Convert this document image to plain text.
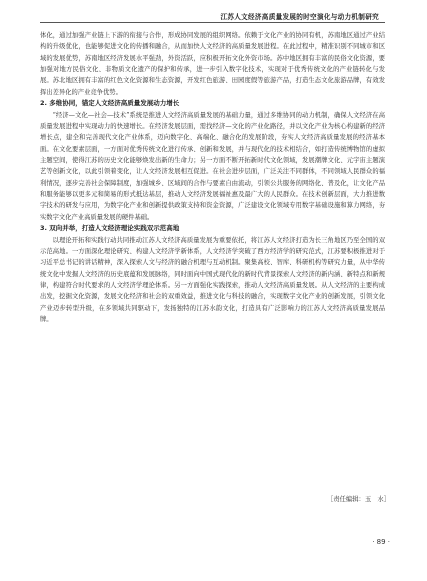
江苏人文经济高质量发展的时空演化与动力机制研究

体化，通过加强产业链上下游的衔接与合作，形成协同发展的组织网络。依赖于文化产业的协同有机，苏南地区通过产业结构的升级优化，也能够促进文化的传播和融合，从而加快人文经济的高质量发展进程。在此过程中，精准识别不同城市和区域的发展优势，苏南地区经济发展水平强劲，外资活跃，应积极开拓文化外资市场。苏中地区拥有丰富的民俗文化资源，要加强对地方民俗文化、非物质文化遗产的保护和传承，进一步引入数字化技术，实现对于优秀传统文化的产业链转化与发展。苏北地区拥有丰富的红色文化资源和生态资源，开发红色旅游、田园度假等旅游产品，打造生态文化旅游品牌，有效发挥出差异化的产业竞争优势。

2. 多维协同，锚定人文经济高质量发展动力增长

“经济—文化—社会—技术”系统是推进人文经济高质量发展的基础力量，通过多维协同的动力机制，确保人文经济在高质量发展进程中实现动力的快速增长。在经济发展层面，需找经济—文化的产业化路径，并以文化产业为核心构建新的经济增长点，建全和完善现代文化产业体系，迈向数字化、高端化、融合化的发展阶段，夯实人文经济高质量发展的经济基本面。在文化要素层面，一方面对优秀传统文化进行传承、创新和发展，并与现代化的技术相结合，如打造传统博物馆的虚拟主题空间，使得江苏的历史文化能够焕发出新的生命力；另一方面不断开拓新时代文化领域，发展潮牌文化、元宇宙主题演艺等创新文化，以此引领着变化，让人文经济发展相互促进。在社会进步层面，广泛关注不同群体，不同领域人民群众的福利情况，逐步完善社会保障制度，加强城乡、区域间的合作与要素自由流动，引领公共服务的网络化、普及化，让文化产品和服务能够以更多元和简易的形式抵达基层，推动人文经济发展福祉惠及最广大的人民群众。在技术创新层面，大力推进数字技术的研发与应用，为数字化产业和创新提供政策支持和资金资源，广泛建设文化领域专用数字基础设施和算力网络，夯实数字文化产业高质量发展的硬件基础。

3. 双向并举，打造人文经济理论实践双示范高地

以理论开拓和实践行动共同推动江苏人文经济高质量发展为重要依托，将江苏人文经济打造为长三角地区乃至全国的双示范高地。一方面深化理论研究、构建人文经济学新体系，人文经济学突破了西方经济学的研究范式，江苏要积极推进对于习近平总书记的讲话精神，深入探索人文与经济的融合机理与互动机制。聚集高校、智库、科研机构等研究力量，从中华传统文化中发掘人文经济的历史底蕴和发展脉络，同时面向中国式现代化的新时代背景探索人文经济的新内涵、新特点和新规律，构建符合时代要求的人文经济学理论体系。另一方面强化实践探索，推动人文经济高质量发展。从人文经济的主要构成出发，挖掘文化资源，发展文化经济和社会的双重效益，推进文化与科技的融合，实现数字文化产业的创新发展，引领文化产业迈步转型升级，在多领域共同驱动下，发扬独特的江苏水韵文化，打造具有广泛影响力的江苏人文经济高质量发展品牌。

［责任编辑：玉　水］
· 89 ·
